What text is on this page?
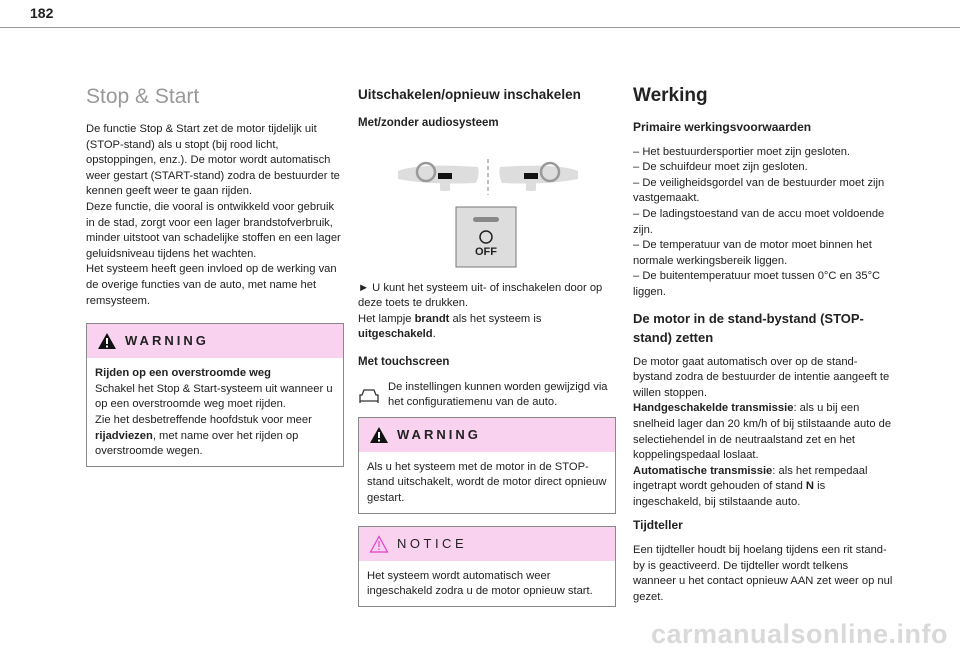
182
Stop & Start

De functie Stop & Start zet de motor tijdelijk uit (STOP-stand) als u stopt (bij rood licht, opstoppingen, enz.). De motor wordt automatisch weer gestart (START-stand) zodra de bestuurder te kennen geeft weer te gaan rijden.
Deze functie, die vooral is ontwikkeld voor gebruik in de stad, zorgt voor een lager brandstofverbruik, minder uitstoot van schadelijke stoffen en een lager geluidsniveau tijdens het wachten.
Het systeem heeft geen invloed op de werking van de overige functies van de auto, met name het remsysteem.

WARNING
Rijden op een overstroomde weg
Schakel het Stop & Start-systeem uit wanneer u op een overstroomde weg moet rijden.
Zie het desbetreffende hoofdstuk voor meer rijadviezen, met name over het rijden op overstroomde wegen.
Uitschakelen/opnieuw inschakelen
Met/zonder audiosysteem
OFF

► U kunt het systeem uit- of inschakelen door op deze toets te drukken.

Het lampje brandt als het systeem is uitgeschakeld.

Met touchscreen
De instellingen kunnen worden gewijzigd via het configuratiemenu van de auto.
WARNING
Als u het systeem met de motor in de STOP-stand uitschakelt, wordt de motor direct opnieuw gestart.
NOTICE
Het systeem wordt automatisch weer ingeschakeld zodra u de motor opnieuw start.
Werking
Primaire werkingsvoorwaarden

– Het bestuurdersportier moet zijn gesloten.
– De schuifdeur moet zijn gesloten.
– De veiligheidsgordel van de bestuurder moet zijn vastgemaakt.
– De ladingstoestand van de accu moet voldoende zijn.
– De temperatuur van de motor moet binnen het normale werkingsbereik liggen.
– De buitentemperatuur moet tussen 0°C en 35°C liggen.

De motor in de stand-bystand (STOP-stand) zetten

De motor gaat automatisch over op de stand-bystand zodra de bestuurder de intentie aangeeft te willen stoppen.
Handgeschakelde transmissie: als u bij een snelheid lager dan 20 km/h of bij stilstaande auto de selectiehendel in de neutraalstand zet en het koppelingspedaal loslaat.
Automatische transmissie: als het rempedaal ingetrapt wordt gehouden of stand N is ingeschakeld, bij stilstaande auto.

Tijdteller

Een tijdteller houdt bij hoelang tijdens een rit stand-by is geactiveerd. De tijdteller wordt telkens wanneer u het contact opnieuw AAN zet weer op nul gezet.

carmanualsonline.info
